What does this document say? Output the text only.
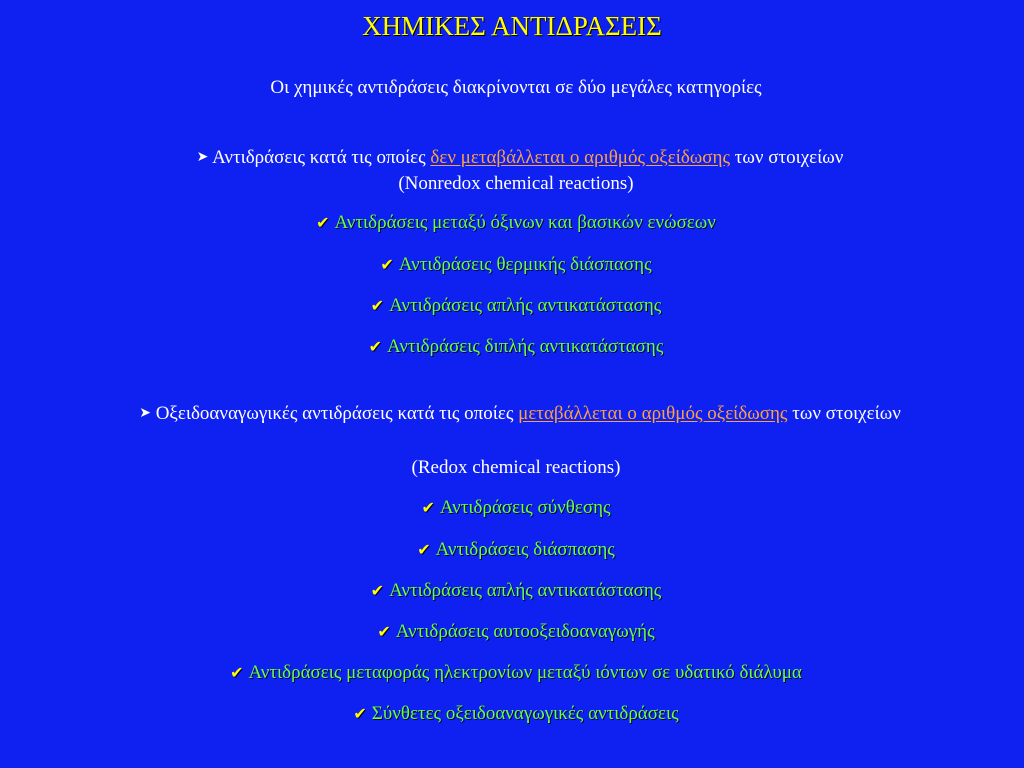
ΧΗΜΙΚΕΣ ΑΝΤΙΔΡΑΣΕΙΣ
Οι χημικές αντιδράσεις διακρίνονται σε δύο μεγάλες κατηγορίες
➤ Αντιδράσεις κατά τις οποίες δεν μεταβάλλεται ο αριθμός οξείδωσης των στοιχείων
(Nonredox chemical reactions)
✔ Αντιδράσεις μεταξύ όξινων και βασικών ενώσεων
✔ Αντιδράσεις θερμικής διάσπασης
✔ Αντιδράσεις απλής αντικατάστασης
✔ Αντιδράσεις διπλής αντικατάστασης
➤ Οξειδοαναγωγικές αντιδράσεις κατά τις οποίες μεταβάλλεται ο αριθμός οξείδωσης των στοιχείων
(Redox chemical reactions)
✔ Αντιδράσεις σύνθεσης
✔ Αντιδράσεις διάσπασης
✔ Αντιδράσεις απλής αντικατάστασης
✔ Αντιδράσεις αυτοοξειδοαναγωγής
✔ Αντιδράσεις μεταφοράς ηλεκτρονίων μεταξύ ιόντων σε υδατικό διάλυμα
✔ Σύνθετες οξειδοαναγωγικές αντιδράσεις
